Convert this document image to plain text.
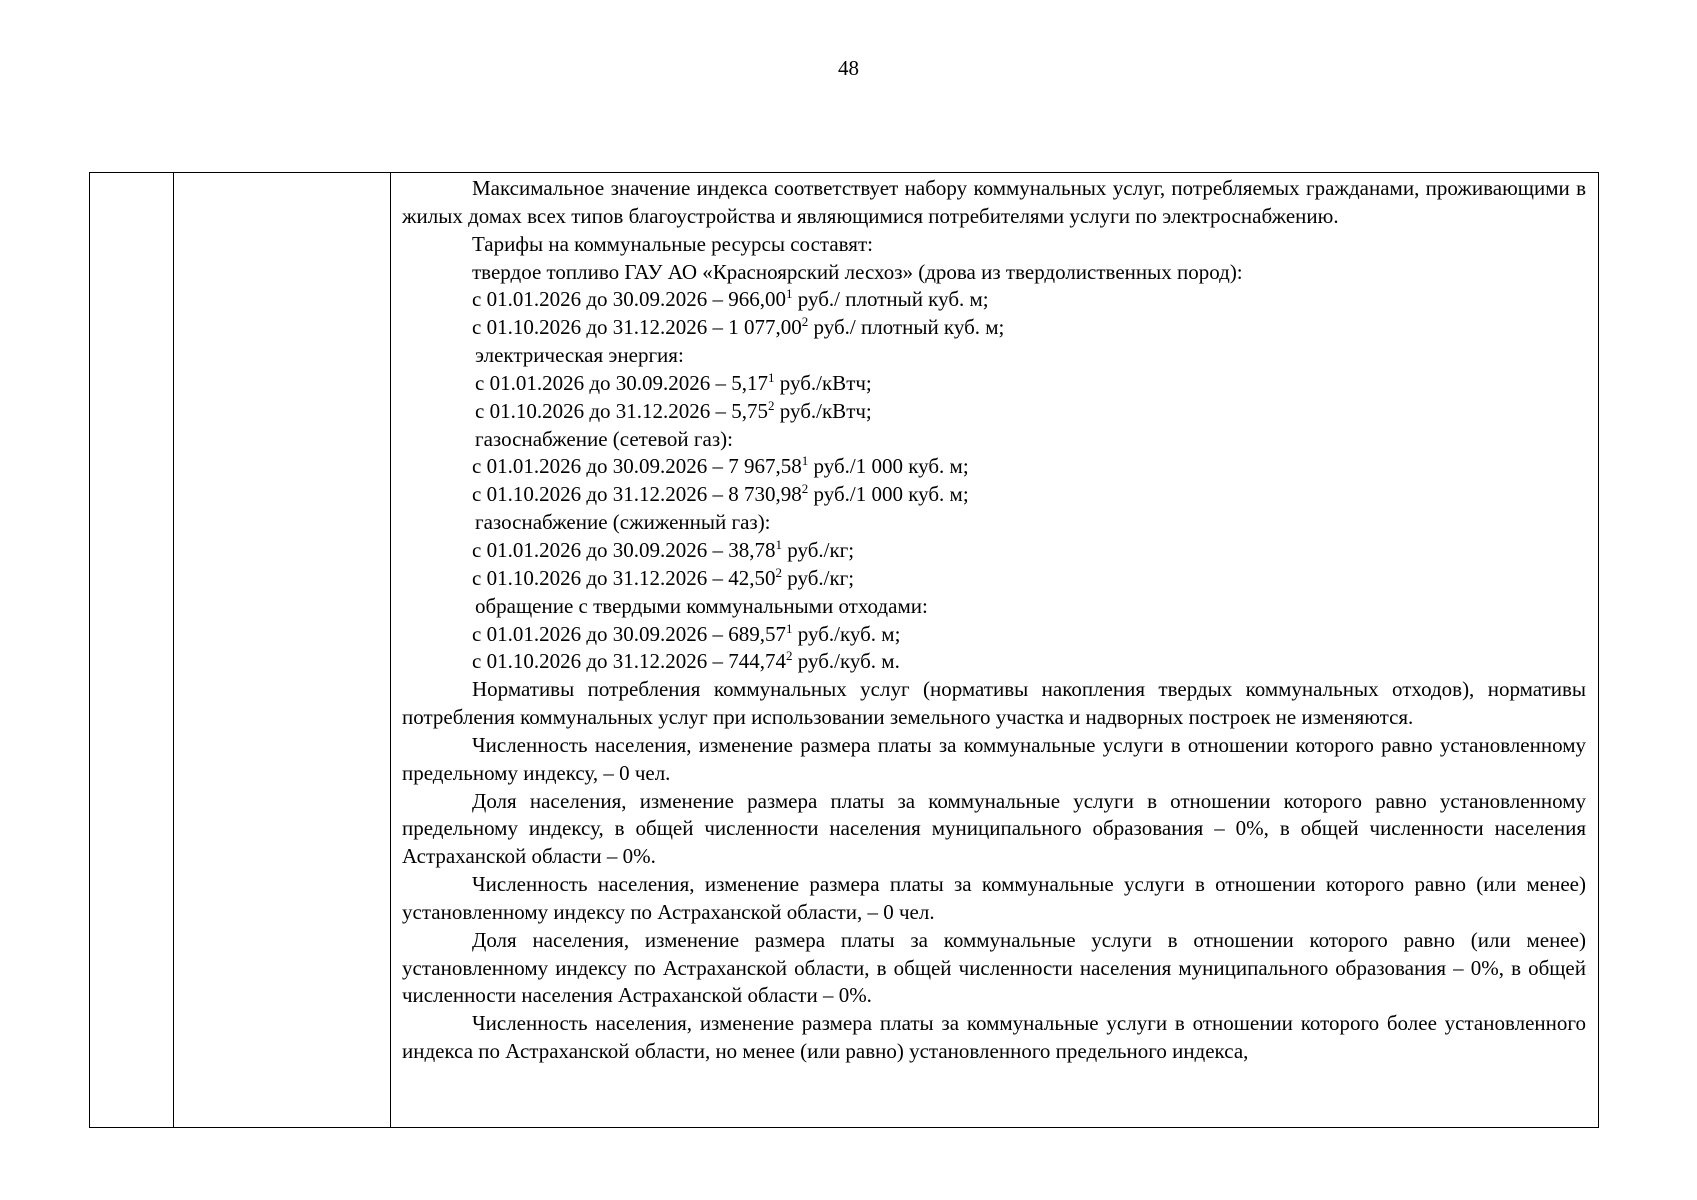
48

Максимальное значение индекса соответствует набору коммунальных услуг, потребляемых гражданами, проживающими в жилых домах всех типов благоустройства и являющимися потребителями услуги по электроснабжению.

Тарифы на коммунальные ресурсы составят:

твердое топливо ГАУ АО «Красноярский лесхоз» (дрова из твердолиственных пород):

с 01.01.2026 до 30.09.2026 – 966,00$^1$ руб./ плотный куб. м;

с 01.10.2026 до 31.12.2026 – 1 077,00$^2$ руб./ плотный куб. м;

электрическая энергия:

с 01.01.2026 до 30.09.2026 – 5,17$^1$ руб./кВтч;

с 01.10.2026 до 31.12.2026 – 5,75$^2$ руб./кВтч;

газоснабжение (сетевой газ):

с 01.01.2026 до 30.09.2026 – 7 967,58$^1$ руб./1 000 куб. м;

с 01.10.2026 до 31.12.2026 – 8 730,98$^2$ руб./1 000 куб. м;

газоснабжение (сжиженный газ):

с 01.01.2026 до 30.09.2026 – 38,78$^1$ руб./кг;

с 01.10.2026 до 31.12.2026 – 42,50$^2$ руб./кг;

обращение с твердыми коммунальными отходами:

с 01.01.2026 до 30.09.2026 – 689,57$^1$ руб./куб. м;

с 01.10.2026 до 31.12.2026 – 744,74$^2$ руб./куб. м.

Нормативы потребления коммунальных услуг (нормативы накопления твердых коммунальных отходов), нормативы потребления коммунальных услуг при использовании земельного участка и надворных построек не изменяются.

Численность населения, изменение размера платы за коммунальные услуги в отношении которого равно установленному предельному индексу, – 0 чел.

Доля населения, изменение размера платы за коммунальные услуги в отношении которого равно установленному предельному индексу, в общей численности населения муниципального образования – 0%, в общей численности населения Астраханской области – 0%.

Численность населения, изменение размера платы за коммунальные услуги в отношении которого равно (или менее) установленному индексу по Астраханской области, – 0 чел.

Доля населения, изменение размера платы за коммунальные услуги в отношении которого равно (или менее) установленному индексу по Астраханской области, в общей численности населения муниципального образования – 0%, в общей численности населения Астраханской области – 0%.

Численность населения, изменение размера платы за коммунальные услуги в отношении которого более установленного индекса по Астраханской области, но менее (или равно) установленного предельного индекса,
